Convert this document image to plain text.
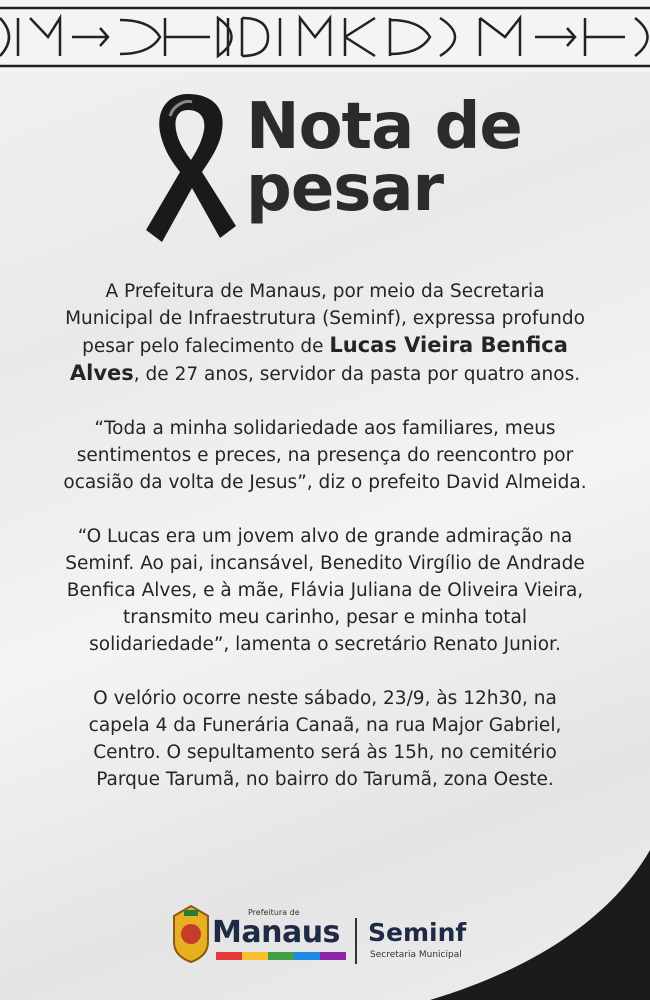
Nota de
pesar

A Prefeitura de Manaus, por meio da Secretaria Municipal de Infraestrutura (Seminf), expressa profundo pesar pelo falecimento de Lucas Vieira Benfica Alves, de 27 anos, servidor da pasta por quatro anos.

“Toda a minha solidariedade aos familiares, meus sentimentos e preces, na presença do reencontro por ocasião da volta de Jesus”, diz o prefeito David Almeida.

“O Lucas era um jovem alvo de grande admiração na Seminf. Ao pai, incansável, Benedito Virgílio de Andrade Benfica Alves, e à mãe, Flávia Juliana de Oliveira Vieira, transmito meu carinho, pesar e minha total solidariedade”, lamenta o secretário Renato Junior.

O velório ocorre neste sábado, 23/9, às 12h30, na capela 4 da Funerária Canaã, na rua Major Gabriel, Centro. O sepultamento será às 15h, no cemitério Parque Tarumã, no bairro do Tarumã, zona Oeste.

Prefeitura de
Manaus Seminf
Secretaria Municipal
